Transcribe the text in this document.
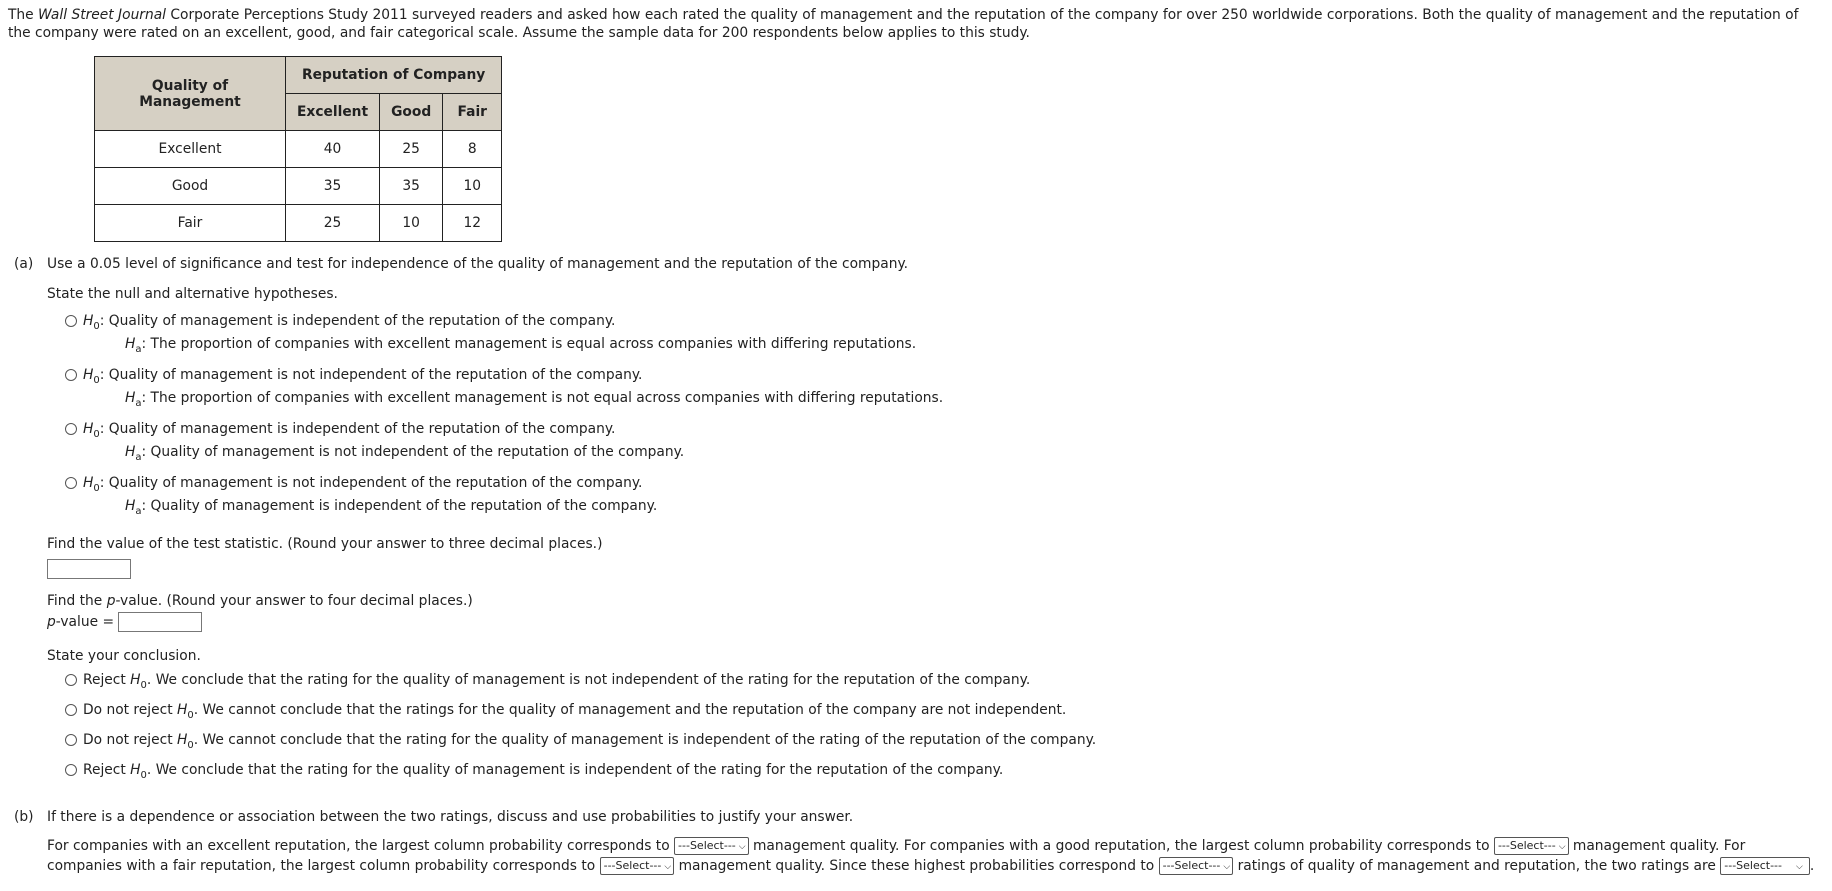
The Wall Street Journal Corporate Perceptions Study 2011 surveyed readers and asked how each rated the quality of management and the reputation of the company for over 250 worldwide corporations. Both the quality of management and the reputation of the company were rated on an excellent, good, and fair categorical scale. Assume the sample data for 200 respondents below applies to this study.

Quality of Management	Reputation of Company		
	Excellent	Good	Fair
Excellent	40	25	8
Good	35	35	10
Fair	25	10	12
(a) Use a 0.05 level of significance and test for independence of the quality of management and the reputation of the company.

State the null and alternative hypotheses.

$H_0$: Quality of management is independent of the reputation of the company.
$H_a$: The proportion of companies with excellent management is equal across companies with differing reputations.
$H_0$: Quality of management is not independent of the reputation of the company.
$H_a$: The proportion of companies with excellent management is not equal across companies with differing reputations.
$H_0$: Quality of management is independent of the reputation of the company.
$H_a$: Quality of management is not independent of the reputation of the company.
$H_0$: Quality of management is not independent of the reputation of the company.
$H_a$: Quality of management is independent of the reputation of the company.

Find the value of the test statistic. (Round your answer to three decimal places.)

Find the p-value. (Round your answer to four decimal places.)

p-value =

State your conclusion.

Reject $H_0$. We conclude that the rating for the quality of management is not independent of the rating for the reputation of the company.
Do not reject $H_0$. We cannot conclude that the ratings for the quality of management and the reputation of the company are not independent.
Do not reject $H_0$. We cannot conclude that the rating for the quality of management is independent of the rating of the reputation of the company.
Reject $H_0$. We conclude that the rating for the quality of management is independent of the rating for the reputation of the company.
(b) If there is a dependence or association between the two ratings, discuss and use probabilities to justify your answer.

For companies with an excellent reputation, the largest column probability corresponds to ---Select--- ⌵ management quality. For companies with a good reputation, the largest column probability corresponds to ---Select--- ⌵ management quality. For companies with a fair reputation, the largest column probability corresponds to ---Select--- ⌵ management quality. Since these highest probabilities correspond to ---Select--- ⌵ ratings of quality of management and reputation, the two ratings are ---Select--- ⌵ .
